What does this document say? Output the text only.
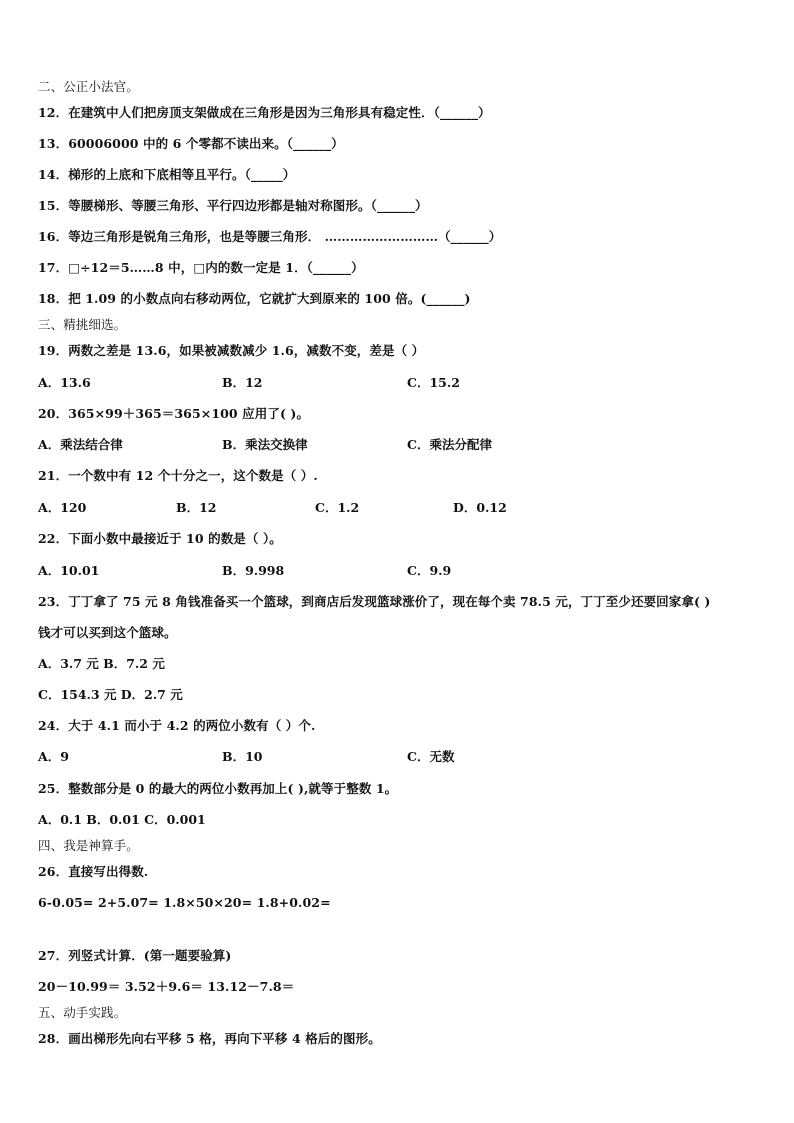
二、公正小法官。
12．在建筑中人们把房顶支架做成在三角形是因为三角形具有稳定性．（______）
13．60006000 中的 6 个零都不读出来。（______）
14．梯形的上底和下底相等且平行。（_____）
15．等腰梯形、等腰三角形、平行四边形都是轴对称图形。（______）
16．等边三角形是锐角三角形，也是等腰三角形． ………………………（______）
17．□÷12＝5……8 中，□内的数一定是 1．（______）
18．把 1.09 的小数点向右移动两位，它就扩大到原来的 100 倍。(______)
三、精挑细选。
19．两数之差是 13.6，如果被减数减少 1.6，减数不变，差是（ ）
A．13.6	B．12	C．15.2
20．365×99＋365＝365×100 应用了( )。
A．乘法结合律	B．乘法交换律	C．乘法分配律
21．一个数中有 12 个十分之一，这个数是（ ）.
A．120	B．12	C．1.2	D．0.12
22．下面小数中最接近于 10 的数是（ ）。
A．10.01	B．9.998	C．9.9
23．丁丁拿了 75 元 8 角钱准备买一个篮球，到商店后发现篮球涨价了，现在每个卖 78.5 元，丁丁至少还要回家拿( )
钱才可以买到这个篮球。
A．3.7 元 B．7.2 元
C．154.3 元 D．2.7 元
24．大于 4.1 而小于 4.2 的两位小数有（ ）个.
A．9	B．10	C．无数
25．整数部分是 0 的最大的两位小数再加上( ),就等于整数 1。
A．0.1 B．0.01 C．0.001
四、我是神算手。
26．直接写出得数.
6-0.05= 2+5.07= 1.8×50×20= 1.8+0.02=
27．列竖式计算．(第一题要验算)
20－10.99＝ 3.52＋9.6＝ 13.12－7.8＝
五、动手实践。
28．画出梯形先向右平移 5 格，再向下平移 4 格后的图形。
